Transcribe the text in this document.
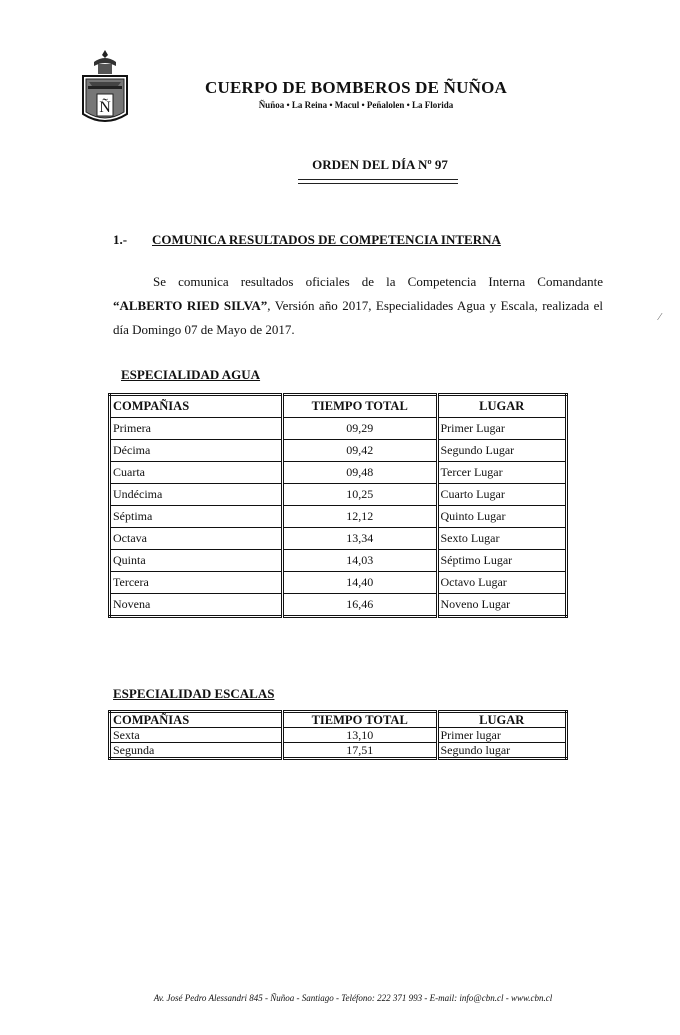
Ñ
CUERPO DE BOMBEROS DE ÑUÑOA
Ñuñoa • La Reina • Macul • Peñalolen • La Florida
ORDEN DEL DÍA Nº 97
1.- COMUNICA RESULTADOS DE COMPETENCIA INTERNA
Se comunica resultados oficiales de la Competencia Interna Comandante “ALBERTO RIED SILVA”, Versión año 2017, Especialidades Agua y Escala, realizada el día Domingo 07 de Mayo de 2017.
⁄
ESPECIALIDAD AGUA
COMPAÑIAS	TIEMPO TOTAL	LUGAR
Primera	09,29	Primer Lugar
Décima	09,42	Segundo Lugar
Cuarta	09,48	Tercer Lugar
Undécima	10,25	Cuarto Lugar
Séptima	12,12	Quinto Lugar
Octava	13,34	Sexto Lugar
Quinta	14,03	Séptimo Lugar
Tercera	14,40	Octavo Lugar
Novena	16,46	Noveno Lugar
ESPECIALIDAD ESCALAS
COMPAÑIAS	TIEMPO TOTAL	LUGAR
Sexta	13,10	Primer lugar
Segunda	17,51	Segundo lugar
Av. José Pedro Alessandri 845 - Ñuñoa - Santiago - Teléfono: 222 371 993 - E-mail: info@cbn.cl - www.cbn.cl
